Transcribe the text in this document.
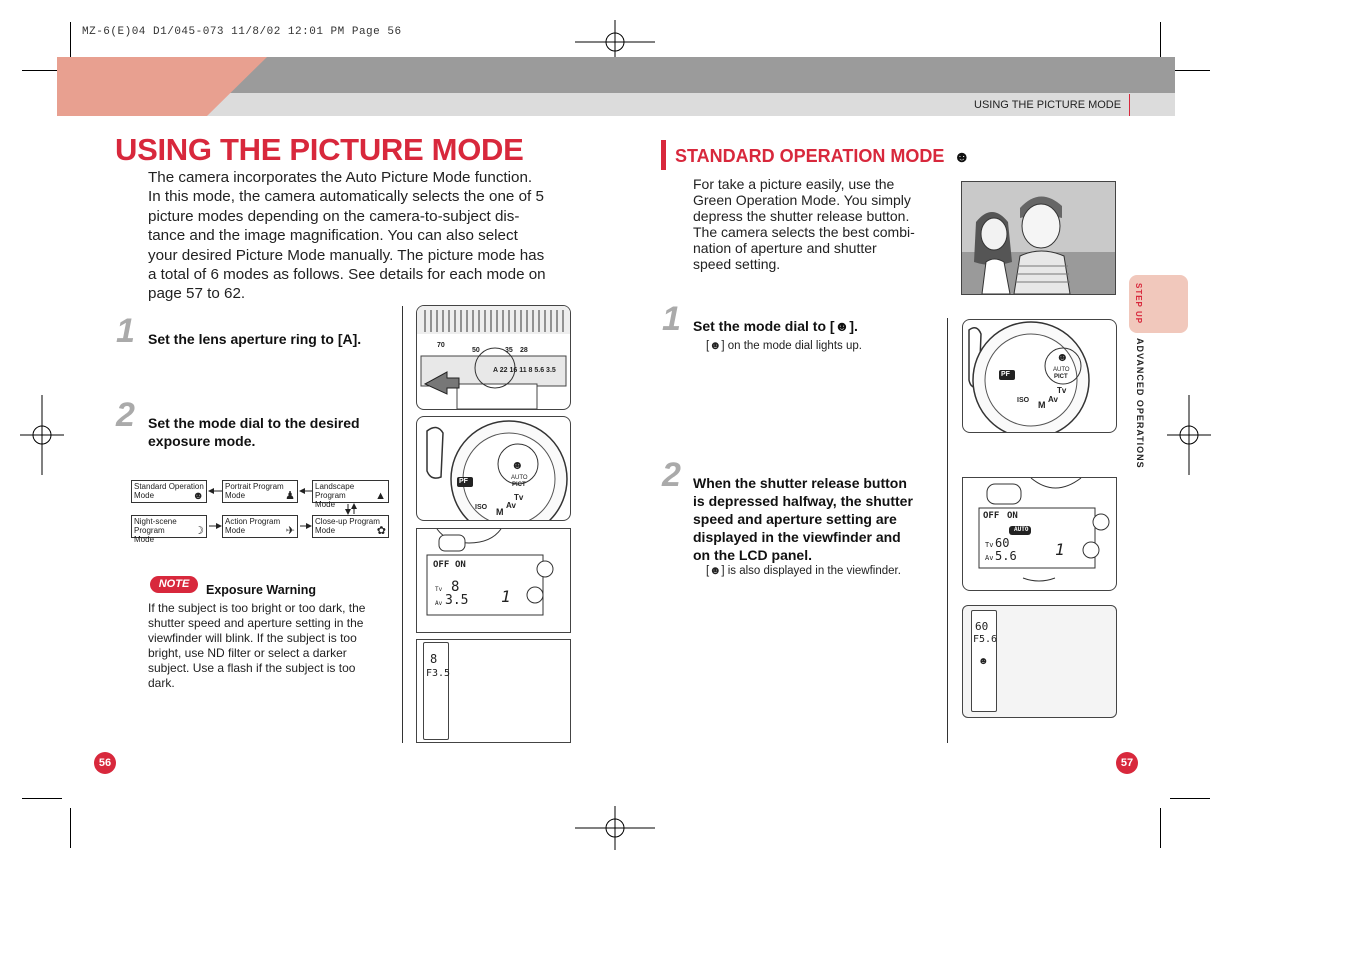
MZ-6(E)04 D1/045-073 11/8/02 12:01 PM Page 56
USING THE PICTURE MODE
USING THE PICTURE MODE
The camera incorporates the Auto Picture Mode function.
In this mode, the camera automatically selects the one of 5
picture modes depending on the camera-to-subject dis-
tance and the image magnification. You can also select
your desired Picture Mode manually. The picture mode has
a total of 6 modes as follows. See details for each mode on
page 57 to 62.
1 Set the lens aperture ring to [A].
2 Set the mode dial to the desired
exposure mode.
Standard Operation
Mode	☻
Portrait Program
Mode	♟
Landscape Program
Mode
▲
Night-scene Program
Mode
☽
Action Program
Mode	✈
Close-up Program
Mode	✿
NOTE	Exposure Warning
If the subject is too bright or too dark, the
shutter speed and aperture setting in the
viewfinder will blink. If the subject is too
bright, use ND filter or select a darker
subject. Use a flash if the subject is too
dark.
70
50	35 28
A 22 16 11 8 5.6 3.5
PF	AUTO
PICT
ISO
Tv
Av
M
☻
OFF ON
Tv 8
Av 3.5 1
8
F3.5
56
STANDARD OPERATION MODE ☻
For take a picture easily, use the
Green Operation Mode. You simply
depress the shutter release button.
The camera selects the best combi-
nation of aperture and shutter
speed setting.
1 Set the mode dial to [☻].
[☻] on the mode dial lights up.
2 When the shutter release button
is depressed halfway, the shutter
speed and aperture setting are
displayed in the viewfinder and
on the LCD panel.
[☻] is also displayed in the viewfinder.
PF
AUTO
PICT
ISO
Tv
Av
M
☻
OFF ON
AUTO
Tv 60
Av 5.6 1
60
F5.6
☻
STEP UP
ADVANCED OPERATIONS
57
